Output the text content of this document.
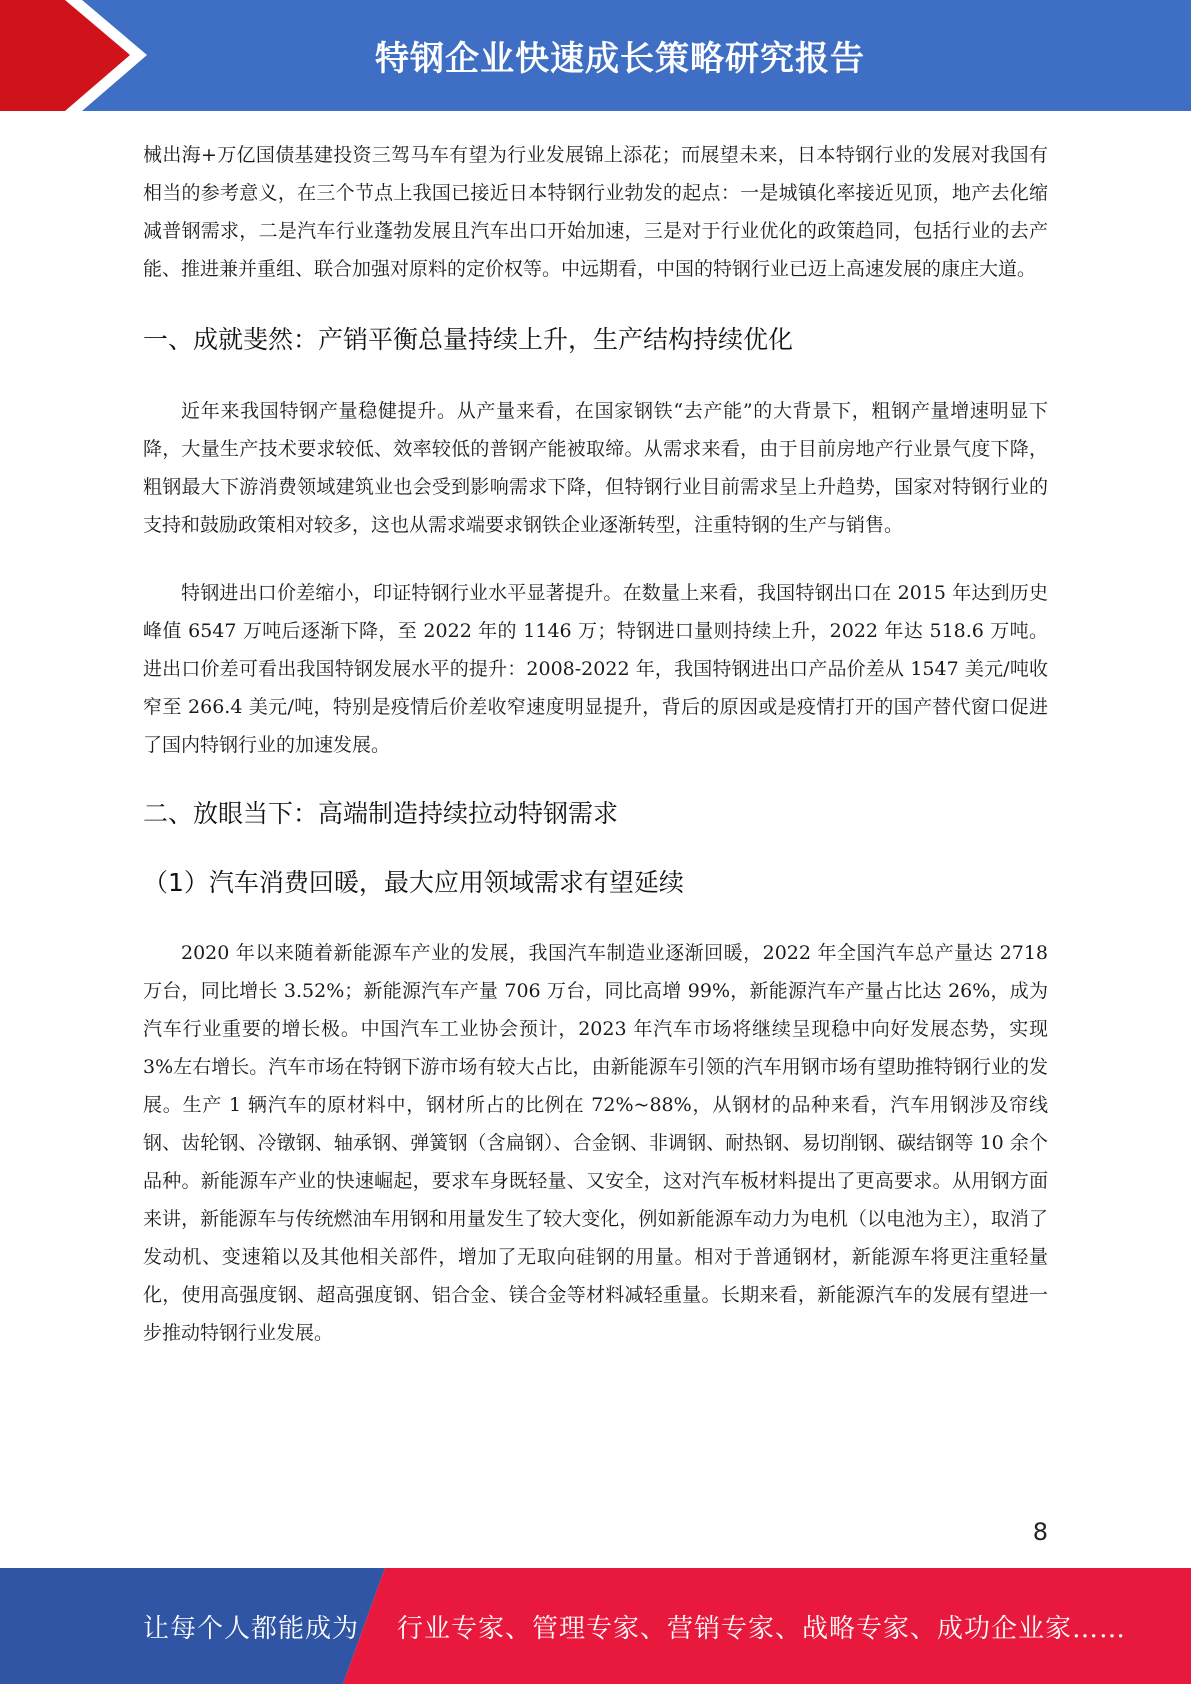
特钢企业快速成长策略研究报告

械出海+万亿国债基建投资三驾马车有望为行业发展锦上添花；而展望未来，日本特钢行业的发展对我国有相当的参考意义，在三个节点上我国已接近日本特钢行业勃发的起点：一是城镇化率接近见顶，地产去化缩减普钢需求，二是汽车行业蓬勃发展且汽车出口开始加速，三是对于行业优化的政策趋同，包括行业的去产能、推进兼并重组、联合加强对原料的定价权等。中远期看，中国的特钢行业已迈上高速发展的康庄大道。

一、成就斐然：产销平衡总量持续上升，生产结构持续优化

近年来我国特钢产量稳健提升。从产量来看，在国家钢铁“去产能”的大背景下，粗钢产量增速明显下降，大量生产技术要求较低、效率较低的普钢产能被取缔。从需求来看，由于目前房地产行业景气度下降，粗钢最大下游消费领域建筑业也会受到影响需求下降，但特钢行业目前需求呈上升趋势，国家对特钢行业的支持和鼓励政策相对较多，这也从需求端要求钢铁企业逐渐转型，注重特钢的生产与销售。

特钢进出口价差缩小，印证特钢行业水平显著提升。在数量上来看，我国特钢出口在 2015 年达到历史峰值 6547 万吨后逐渐下降，至 2022 年的 1146 万；特钢进口量则持续上升，2022 年达 518.6 万吨。进出口价差可看出我国特钢发展水平的提升：2008-2022 年，我国特钢进出口产品价差从 1547 美元/吨收窄至 266.4 美元/吨，特别是疫情后价差收窄速度明显提升，背后的原因或是疫情打开的国产替代窗口促进了国内特钢行业的加速发展。

二、放眼当下：高端制造持续拉动特钢需求
（1）汽车消费回暖，最大应用领域需求有望延续

2020 年以来随着新能源车产业的发展，我国汽车制造业逐渐回暖，2022 年全国汽车总产量达 2718 万台，同比增长 3.52%；新能源汽车产量 706 万台，同比高增 99%，新能源汽车产量占比达 26%，成为汽车行业重要的增长极。中国汽车工业协会预计，2023 年汽车市场将继续呈现稳中向好发展态势，实现 3%左右增长。汽车市场在特钢下游市场有较大占比，由新能源车引领的汽车用钢市场有望助推特钢行业的发展。生产 1 辆汽车的原材料中，钢材所占的比例在 72%~88%，从钢材的品种来看，汽车用钢涉及帘线钢、齿轮钢、冷镦钢、轴承钢、弹簧钢（含扁钢）、合金钢、非调钢、耐热钢、易切削钢、碳结钢等 10 余个品种。新能源车产业的快速崛起，要求车身既轻量、又安全，这对汽车板材料提出了更高要求。从用钢方面来讲，新能源车与传统燃油车用钢和用量发生了较大变化，例如新能源车动力为电机（以电池为主），取消了发动机、变速箱以及其他相关部件，增加了无取向硅钢的用量。相对于普通钢材，新能源车将更注重轻量化，使用高强度钢、超高强度钢、铝合金、镁合金等材料减轻重量。长期来看，新能源汽车的发展有望进一步推动特钢行业发展。

8
让每个人都能成为 行业专家、管理专家、营销专家、战略专家、成功企业家……
